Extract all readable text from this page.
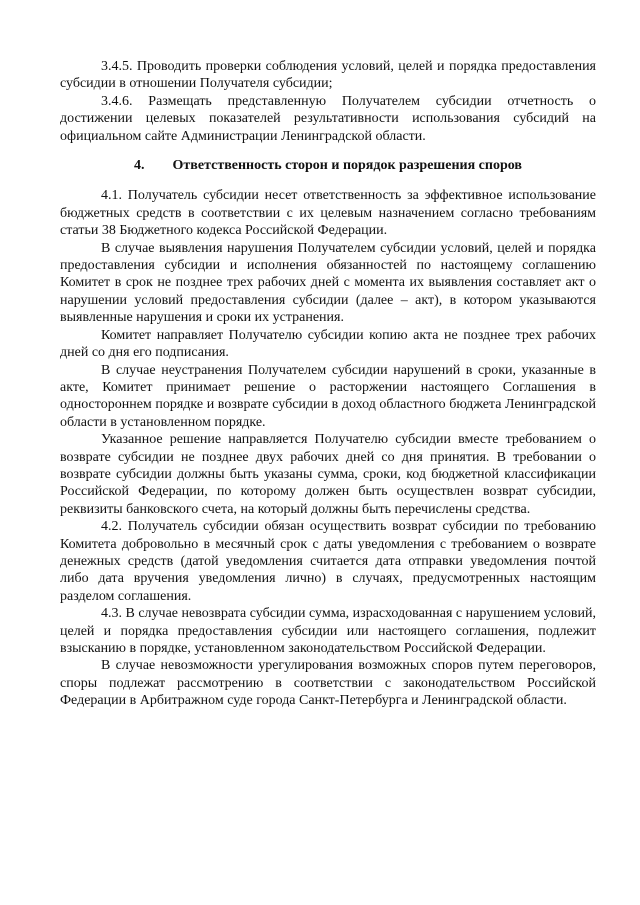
3.4.5. Проводить проверки соблюдения условий, целей и порядка предоставления субсидии в отношении Получателя субсидии;

3.4.6. Размещать представленную Получателем субсидии отчетность о достижении целевых показателей результативности использования субсидий на официальном сайте Администрации Ленинградской области.

4. Ответственность сторон и порядок разрешения споров

4.1. Получатель субсидии несет ответственность за эффективное использование бюджетных средств в соответствии с их целевым назначением согласно требованиям статьи 38 Бюджетного кодекса Российской Федерации.

В случае выявления нарушения Получателем субсидии условий, целей и порядка предоставления субсидии и исполнения обязанностей по настоящему соглашению Комитет в срок не позднее трех рабочих дней с момента их выявления составляет акт о нарушении условий предоставления субсидии (далее – акт), в котором указываются выявленные нарушения и сроки их устранения.

Комитет направляет Получателю субсидии копию акта не позднее трех рабочих дней со дня его подписания.

В случае неустранения Получателем субсидии нарушений в сроки, указанные в акте, Комитет принимает решение о расторжении настоящего Соглашения в одностороннем порядке и возврате субсидии в доход областного бюджета Ленинградской области в установленном порядке.

Указанное решение направляется Получателю субсидии вместе требованием о возврате субсидии не позднее двух рабочих дней со дня принятия. В требовании о возврате субсидии должны быть указаны сумма, сроки, код бюджетной классификации Российской Федерации, по которому должен быть осуществлен возврат субсидии, реквизиты банковского счета, на который должны быть перечислены средства.

4.2. Получатель субсидии обязан осуществить возврат субсидии по требованию Комитета добровольно в месячный срок с даты уведомления с требованием о возврате денежных средств (датой уведомления считается дата отправки уведомления почтой либо дата вручения уведомления лично) в случаях, предусмотренных настоящим разделом соглашения.

4.3. В случае невозврата субсидии сумма, израсходованная с нарушением условий, целей и порядка предоставления субсидии или настоящего соглашения, подлежит взысканию в порядке, установленном законодательством Российской Федерации.

В случае невозможности урегулирования возможных споров путем переговоров, споры подлежат рассмотрению в соответствии с законодательством Российской Федерации в Арбитражном суде города Санкт-Петербурга и Ленинградской области.
